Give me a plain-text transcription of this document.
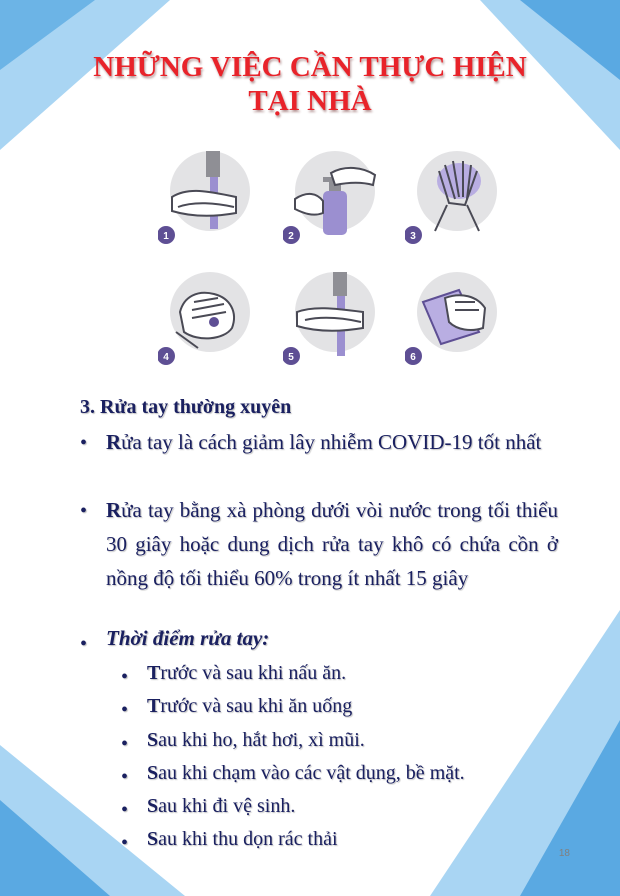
NHỮNG VIỆC CẦN THỰC HIỆN
TẠI NHÀ
1	2	3
4	5	6
3. Rửa tay thường xuyên
• Rửa tay là cách giảm lây nhiễm COVID-19 tốt nhất

• Rửa tay bằng xà phòng dưới vòi nước trong tối thiểu 30 giây hoặc dung dịch rửa tay khô có chứa cồn ở nồng độ tối thiểu 60% trong ít nhất 15 giây

• Thời điểm rửa tay:

• Trước và sau khi nấu ăn.

• Trước và sau khi ăn uống

• Sau khi ho, hắt hơi, xì mũi.

• Sau khi chạm vào các vật dụng, bề mặt.

• Sau khi đi vệ sinh.

• Sau khi thu dọn rác thải

18
